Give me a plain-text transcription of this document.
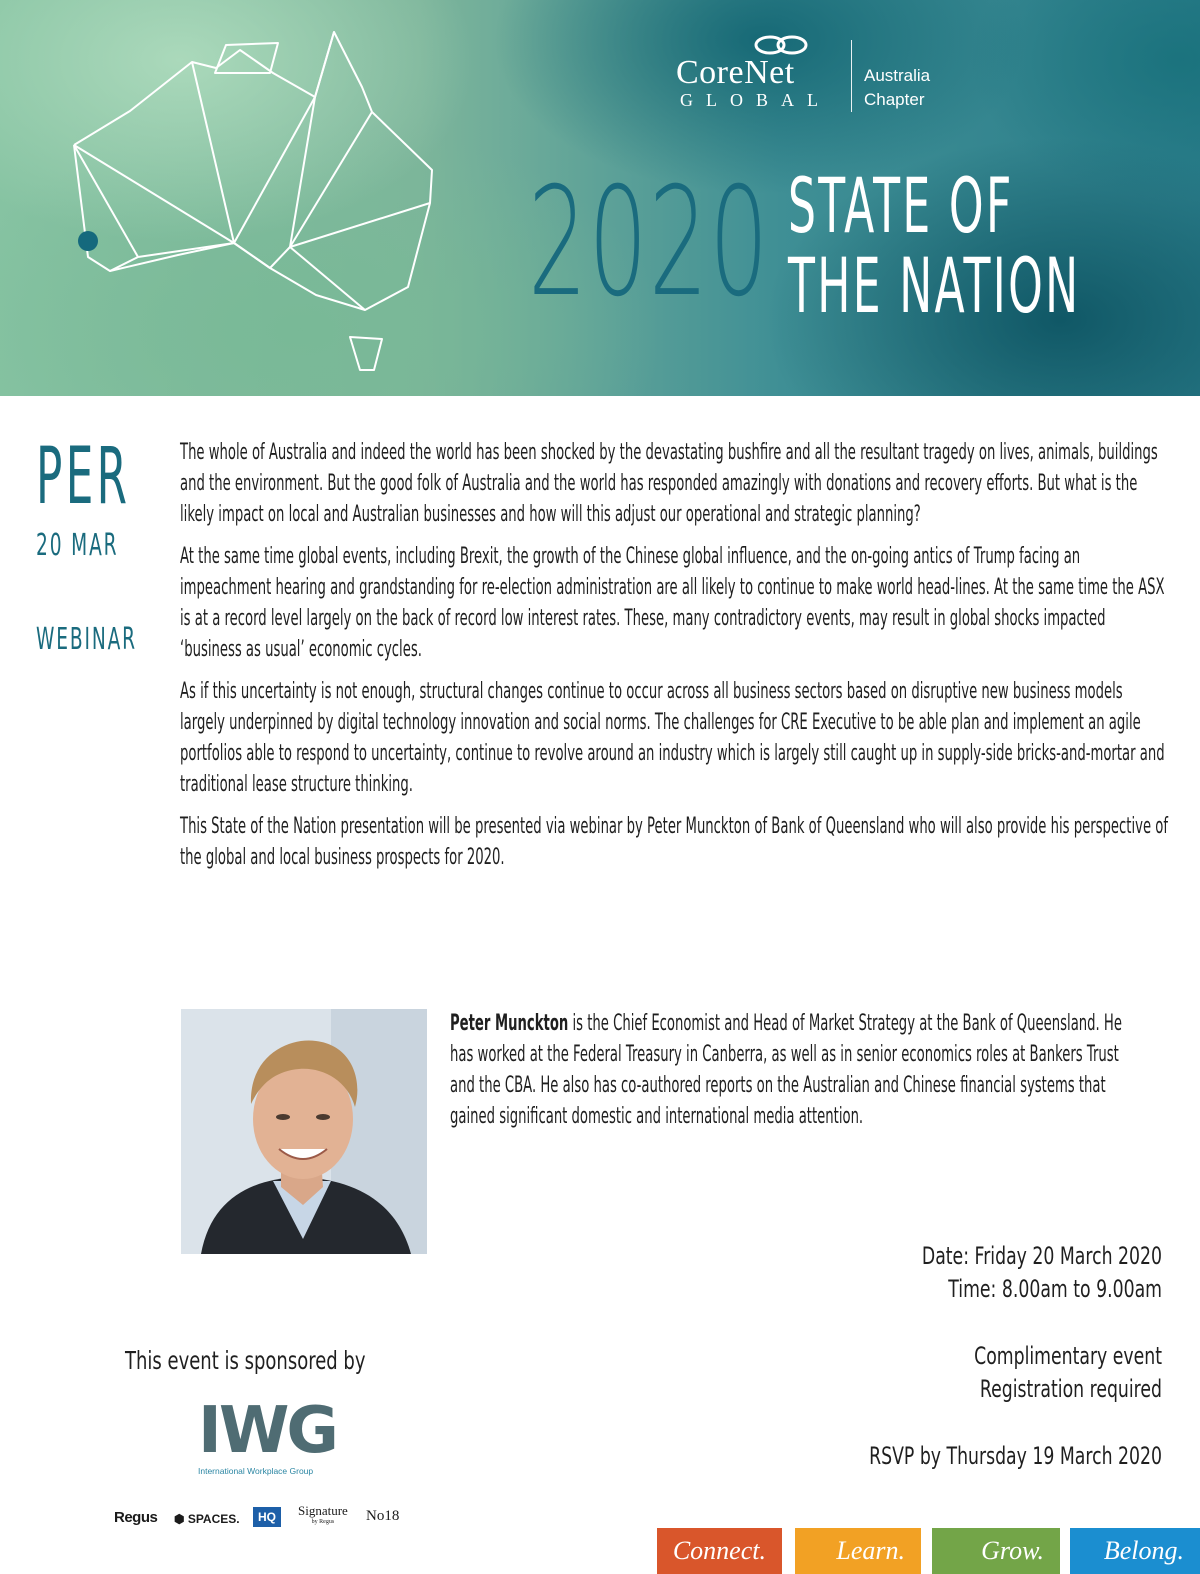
CoreNet
GLOBAL
Australia
Chapter
2020 STATE OF
THE NATION
PER
20 MAR
WEBINAR

The whole of Australia and indeed the world has been shocked by the devastating bushfire and all the resultant tragedy on lives, animals, buildings and the environment. But the good folk of Australia and the world has responded amazingly with donations and recovery efforts. But what is the likely impact on local and Australian businesses and how will this adjust our operational and strategic planning?

At the same time global events, including Brexit, the growth of the Chinese global influence, and the on-going antics of Trump facing an impeachment hearing and grandstanding for re-election administration are all likely to continue to make world head-lines. At the same time the ASX is at a record level largely on the back of record low interest rates. These, many contradictory events, may result in global shocks impacted ‘business as usual’ economic cycles.

As if this uncertainty is not enough, structural changes continue to occur across all business sectors based on disruptive new business models largely underpinned by digital technology innovation and social norms. The challenges for CRE Executive to be able plan and implement an agile portfolios able to respond to uncertainty, continue to revolve around an industry which is largely still caught up in supply-side bricks-and-mortar and traditional lease structure thinking.

This State of the Nation presentation will be presented via webinar by Peter Munckton of Bank of Queensland who will also provide his perspective of the global and local business prospects for 2020.

Peter Munckton is the Chief Economist and Head of Market Strategy at the Bank of Queensland. He has worked at the Federal Treasury in Canberra, as well as in senior economics roles at Bankers Trust and the CBA. He also has co-authored reports on the Australian and Chinese financial systems that gained significant domestic and international media attention.
Date: Friday 20 March 2020
Time: 8.00am to 9.00am
Complimentary event
Registration required
RSVP by Thursday 19 March 2020
This event is sponsored by
IWG
International Workplace Group
Regus ⬢ SPACES.	HQ	Signature
by Regus	No18
Connect.	Learn.	Grow.	Belong.
